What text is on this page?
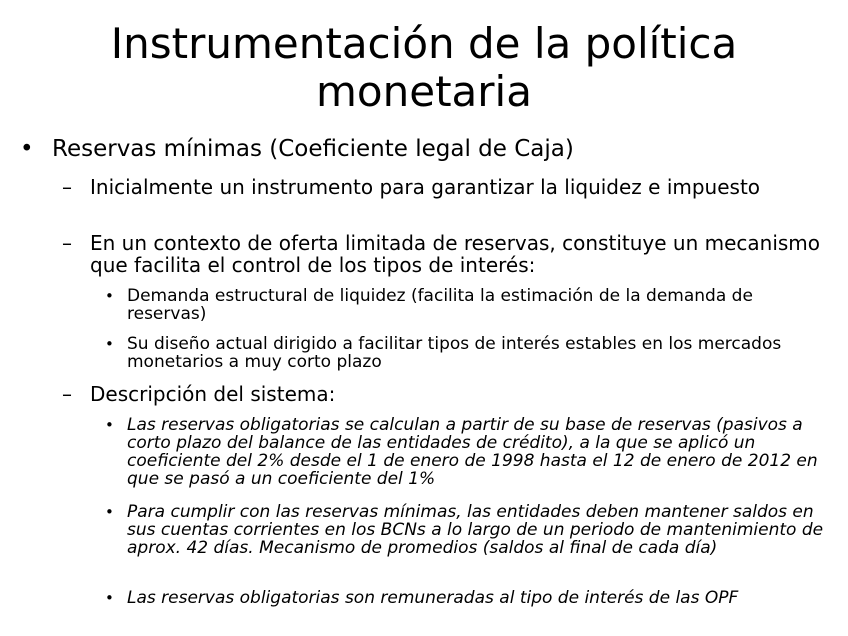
Instrumentación de la política
monetaria
• Reservas mínimas (Coeficiente legal de Caja)
– Inicialmente un instrumento para garantizar la liquidez e impuesto
– En un contexto de oferta limitada de reservas, constituye un mecanismo que facilita el control de los tipos de interés:
• Demanda estructural de liquidez (facilita la estimación de la demanda de reservas)
• Su diseño actual dirigido a facilitar tipos de interés estables en los mercados monetarios a muy corto plazo
– Descripción del sistema:
• Las reservas obligatorias se calculan a partir de su base de reservas (pasivos a corto plazo del balance de las entidades de crédito), a la que se aplicó un coeficiente del 2% desde el 1 de enero de 1998 hasta el 12 de enero de 2012 en que se pasó a un coeficiente del 1%
• Para cumplir con las reservas mínimas, las entidades deben mantener saldos en sus cuentas corrientes en los BCNs a lo largo de un periodo de mantenimiento de aprox. 42 días. Mecanismo de promedios (saldos al final de cada día)
• Las reservas obligatorias son remuneradas al tipo de interés de las OPF
